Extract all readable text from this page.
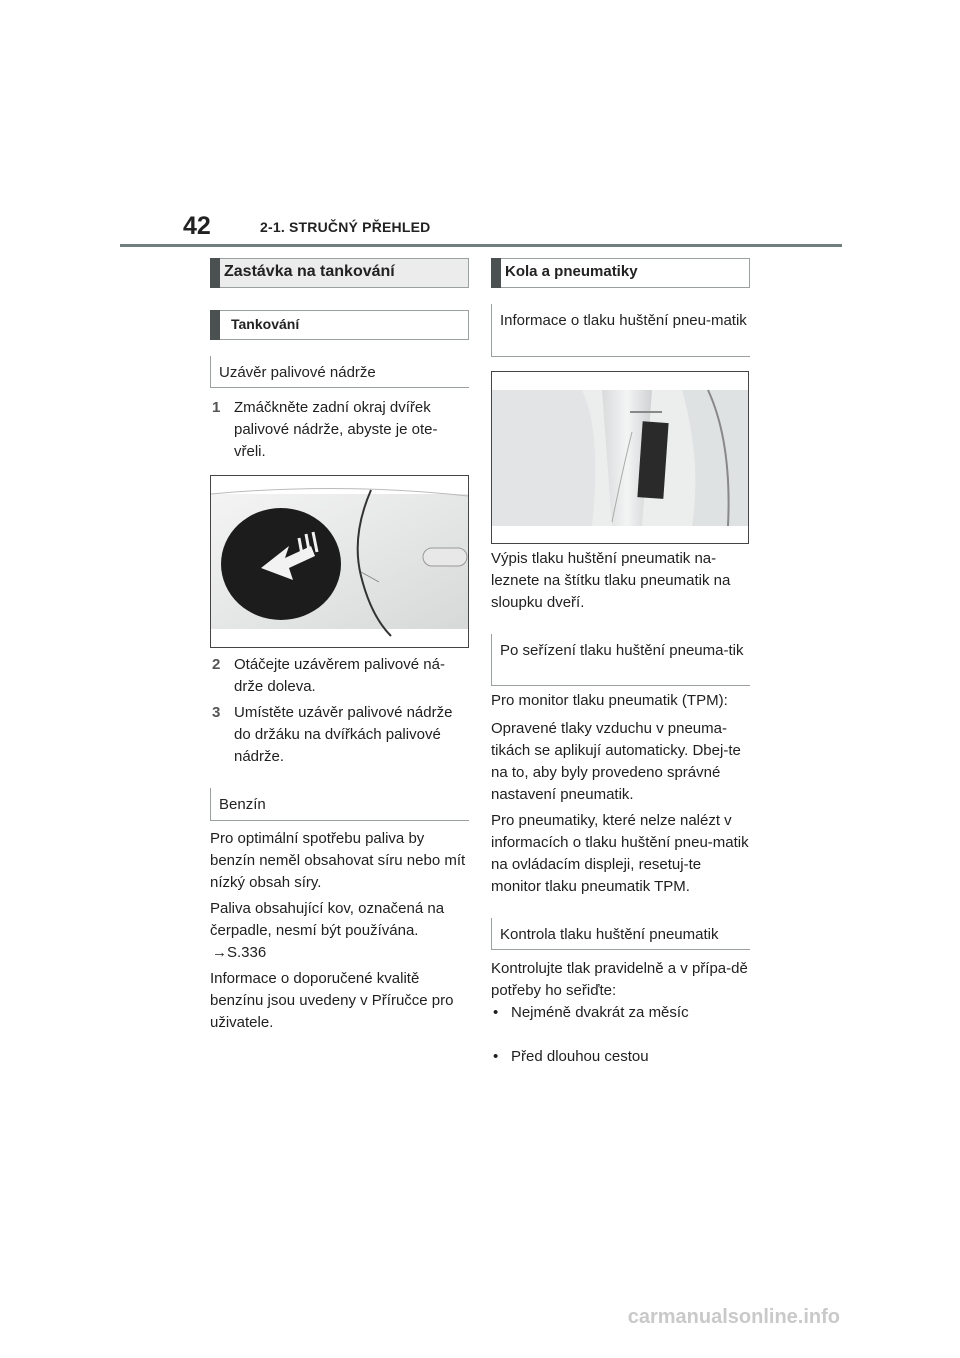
42	2-1. STRUČNÝ PŘEHLED
Zastávka na tankování
Tankování
Uzávěr palivové nádrže
1 Zmáčkněte zadní okraj dvířek palivové nádrže, abyste je ote-vřeli.
2 Otáčejte uzávěrem palivové ná-drže doleva.
3 Umístěte uzávěr palivové nádrže do držáku na dvířkách palivové nádrže.
Benzín
Pro optimální spotřebu paliva by benzín neměl obsahovat síru nebo mít nízký obsah síry.
Paliva obsahující kov, označená na čerpadle, nesmí být používána.
→S.336
Informace o doporučené kvalitě benzínu jsou uvedeny v Příručce pro uživatele.
Kola a pneumatiky
Informace o tlaku huštění pneu-matik
Výpis tlaku huštění pneumatik na-leznete na štítku tlaku pneumatik na sloupku dveří.
Po seřízení tlaku huštění pneuma-tik
Pro monitor tlaku pneumatik (TPM):
Opravené tlaky vzduchu v pneuma-tikách se aplikují automaticky. Dbej-te na to, aby byly provedeno správné nastavení pneumatik.
Pro pneumatiky, které nelze nalézt v informacích o tlaku huštění pneu-matik na ovládacím displeji, resetuj-te monitor tlaku pneumatik TPM.
Kontrola tlaku huštění pneumatik
Kontrolujte tlak pravidelně a v přípa-dě potřeby ho seřiďte:
• Nejméně dvakrát za měsíc
• Před dlouhou cestou
carmanualsonline.info
